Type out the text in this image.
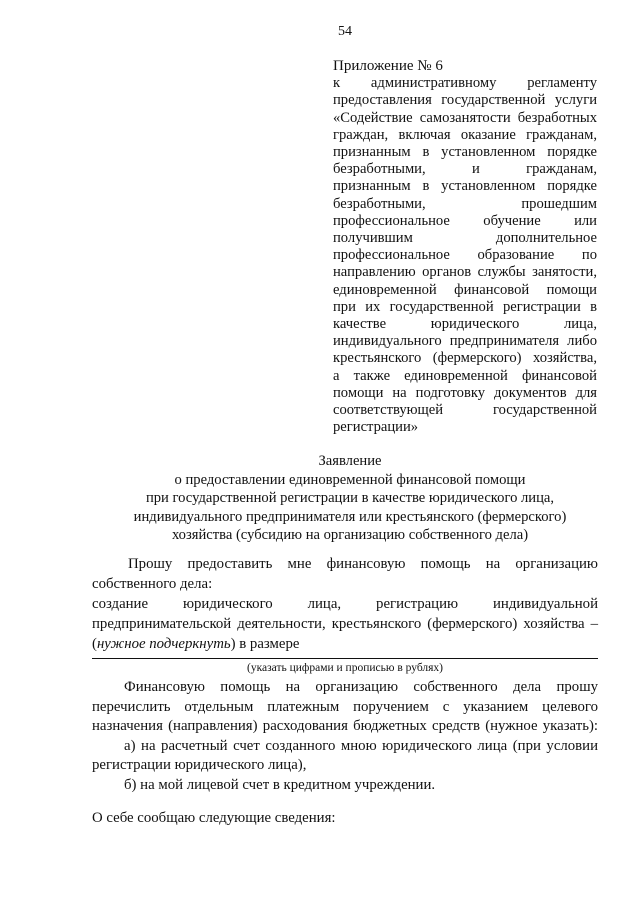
54
Приложение № 6
к административному регламенту
предоставления государственной услуги
«Содействие самозанятости безработных
граждан, включая оказание гражданам,
признанным в установленном порядке
безработными, и гражданам,
признанным в установленном порядке
безработными, прошедшим
профессиональное обучение или
получившим дополнительное
профессиональное образование по
направлению органов службы занятости,
единовременной финансовой помощи
при их государственной регистрации в
качестве юридического лица,
индивидуального предпринимателя либо
крестьянского (фермерского) хозяйства,
а также единовременной финансовой
помощи на подготовку документов для
соответствующей государственной
регистрации»
Заявление
о предоставлении единовременной финансовой помощи
при государственной регистрации в качестве юридического лица,
индивидуального предпринимателя или крестьянского (фермерского)
хозяйства (субсидию на организацию собственного дела)
Прошу предоставить мне финансовую помощь на организацию
собственного дела:
создание юридического лица, регистрацию индивидуальной
предпринимательской деятельности, крестьянского (фермерского) хозяйства –
(нужное подчеркнуть) в размере
(указать цифрами и прописью в рублях)
Финансовую помощь на организацию собственного дела прошу
перечислить отдельным платежным поручением с указанием целевого
назначения (направления) расходования бюджетных средств (нужное указать):
а) на расчетный счет созданного мною юридического лица (при условии
регистрации юридического лица),
б) на мой лицевой счет в кредитном учреждении.
О себе сообщаю следующие сведения:
